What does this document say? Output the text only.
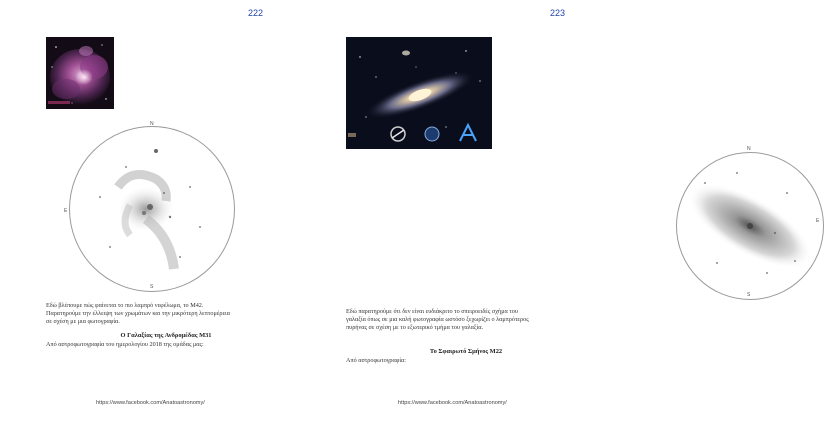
222
N
S
E
Εδώ βλέπουμε πώς φαίνεται το πιο λαμπρό νεφέλωμα, το M42.
Παρατηρούμε την έλλειψη των χρωμάτων και την μικρότερη λεπτομέρεια
σε σχέση με μια φωτογραφία.
Ο Γαλαξίας της Ανδρομέδας Μ31
Από αστροφωτογραφία του ημερολογίου 2018 της ομάδας μας:
https://www.facebook.com/Anatoastronomy/
223
N
S
E
Εδώ παρατηρούμε ότι δεν είναι ευδιάκριτο το σπειροειδές σχήμα του
γαλαξία όπως σε μια καλή φωτογραφία ωστόσο ξεχωρίζει ο λαμπρότερος
πυρήνας σε σχέση με το εξωτερικό τμήμα του γαλαξία.
Το Σφαιρωτό Σμήνος Μ22
Από αστροφωτογραφία:
https://www.facebook.com/Anatoastronomy/
